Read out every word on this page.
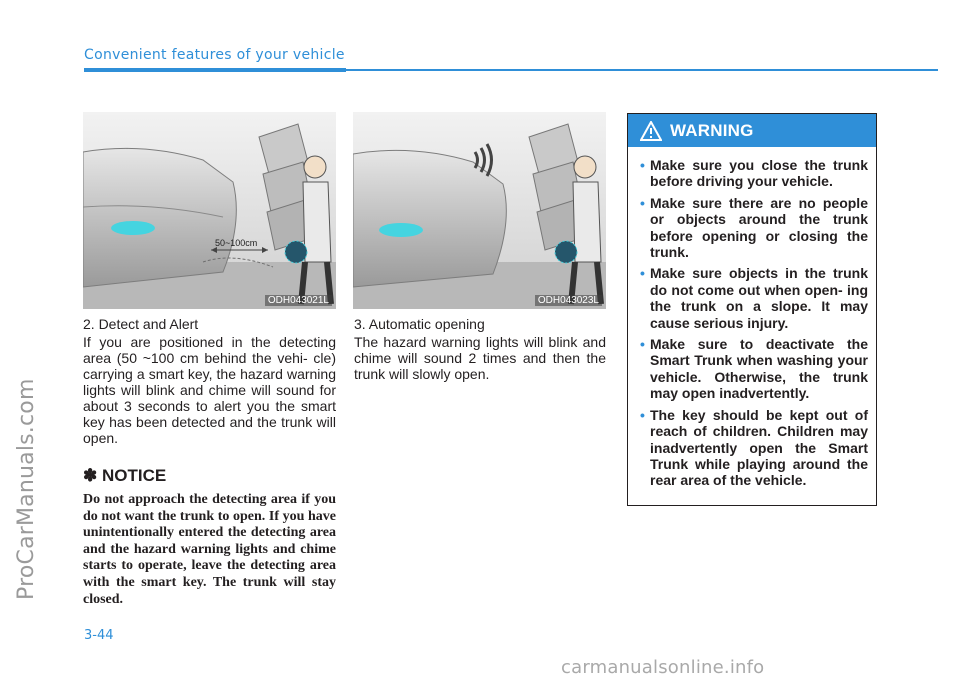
ProCarManuals.com
Convenient features of your vehicle
50~100cm
ODH043021L	ODH043023L
2. Detect and Alert
If you are positioned in the detecting area (50 ~100 cm behind the vehi- cle) carrying a smart key, the hazard warning lights will blink and chime will sound for about 3 seconds to alert you the smart key has been detected and the trunk will open.
✽ NOTICE
Do not approach the detecting area if you do not want the trunk to open. If you have unintentionally entered the detecting area and the hazard warning lights and chime starts to operate, leave the detecting area with the smart key. The trunk will stay closed.
3. Automatic opening
The hazard warning lights will blink and chime will sound 2 times and then the trunk will slowly open.
WARNING
• Make sure you close the trunk before driving your vehicle.
• Make sure there are no people or objects around the trunk before opening or closing the trunk.
• Make sure objects in the trunk do not come out when open- ing the trunk on a slope. It may cause serious injury.
• Make sure to deactivate the Smart Trunk when washing your vehicle. Otherwise, the trunk may open inadvertently.
• The key should be kept out of reach of children. Children may inadvertently open the Smart Trunk while playing around the rear area of the vehicle.
3-44
carmanualsonline.info
